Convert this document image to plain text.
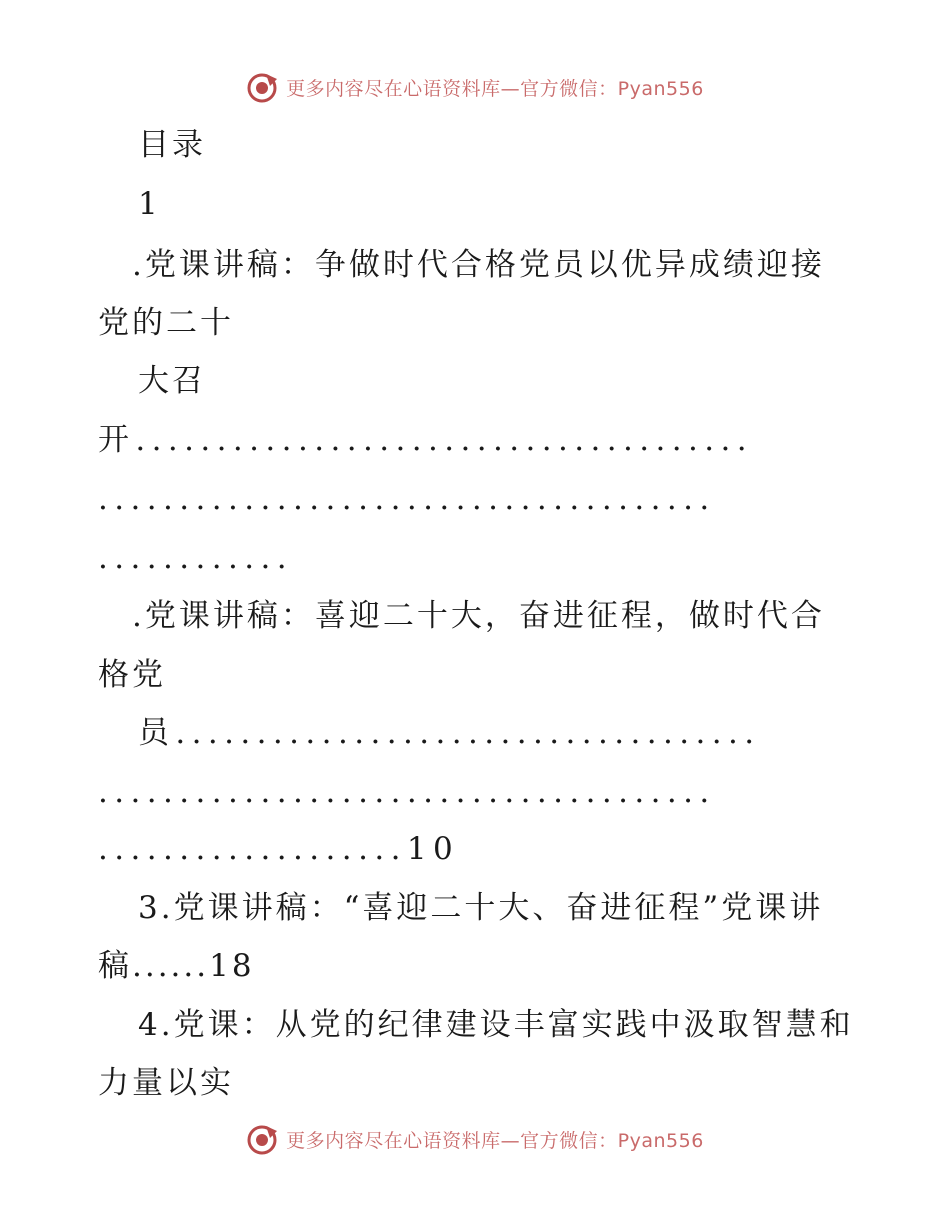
更多内容尽在心语资料库—官方微信：Pyan556
目录
1
.党课讲稿：争做时代合格党员以优异成绩迎接
党的二十
大召
开......................................
......................................
............
.党课讲稿：喜迎二十大，奋进征程，做时代合
格党
员....................................
......................................
...................10
3.党课讲稿：“喜迎二十大、奋进征程”党课讲
稿......18
4.党课：从党的纪律建设丰富实践中汲取智慧和
力量以实
更多内容尽在心语资料库—官方微信：Pyan556
